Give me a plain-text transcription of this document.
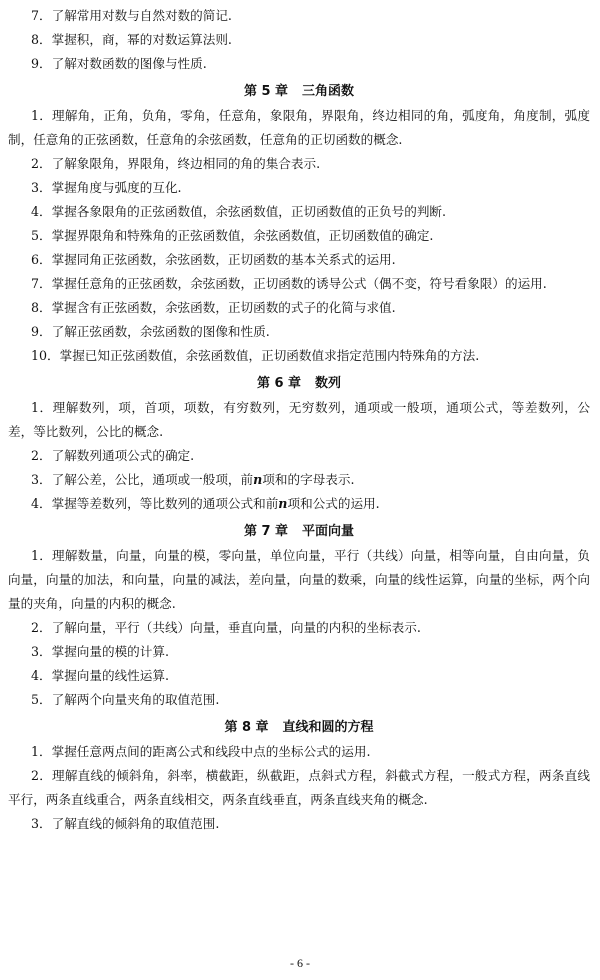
7．了解常用对数与自然对数的简记.

8．掌握积，商，幂的对数运算法则.

9．了解对数函数的图像与性质.

第 5 章 三角函数

1．理解角，正角，负角，零角，任意角，象限角，界限角，终边相同的角，弧度角，角度制，弧度制，任意角的正弦函数，任意角的余弦函数，任意角的正切函数的概念.

2．了解象限角，界限角，终边相同的角的集合表示.

3．掌握角度与弧度的互化.

4．掌握各象限角的正弦函数值，余弦函数值，正切函数值的正负号的判断.

5．掌握界限角和特殊角的正弦函数值，余弦函数值，正切函数值的确定.

6．掌握同角正弦函数，余弦函数，正切函数的基本关系式的运用.

7．掌握任意角的正弦函数，余弦函数，正切函数的诱导公式（偶不变，符号看象限）的运用.

8．掌握含有正弦函数，余弦函数，正切函数的式子的化简与求值.

9．了解正弦函数，余弦函数的图像和性质.

10．掌握已知正弦函数值，余弦函数值，正切函数值求指定范围内特殊角的方法.

第 6 章 数列

1．理解数列，项，首项，项数，有穷数列，无穷数列，通项或一般项，通项公式，等差数列，公差，等比数列，公比的概念.

2．了解数列通项公式的确定.

3．了解公差，公比，通项或一般项，前n项和的字母表示.

4．掌握等差数列，等比数列的通项公式和前n项和公式的运用.

第 7 章 平面向量

1．理解数量，向量，向量的模，零向量，单位向量，平行（共线）向量，相等向量，自由向量，负向量，向量的加法，和向量，向量的减法，差向量，向量的数乘，向量的线性运算，向量的坐标，两个向量的夹角，向量的内积的概念.

2．了解向量，平行（共线）向量，垂直向量，向量的内积的坐标表示.

3．掌握向量的模的计算.

4．掌握向量的线性运算.

5．了解两个向量夹角的取值范围.

第 8 章 直线和圆的方程

1．掌握任意两点间的距离公式和线段中点的坐标公式的运用.

2．理解直线的倾斜角，斜率，横截距，纵截距，点斜式方程，斜截式方程，一般式方程，两条直线平行，两条直线重合，两条直线相交，两条直线垂直，两条直线夹角的概念.

3．了解直线的倾斜角的取值范围.

- 6 -
